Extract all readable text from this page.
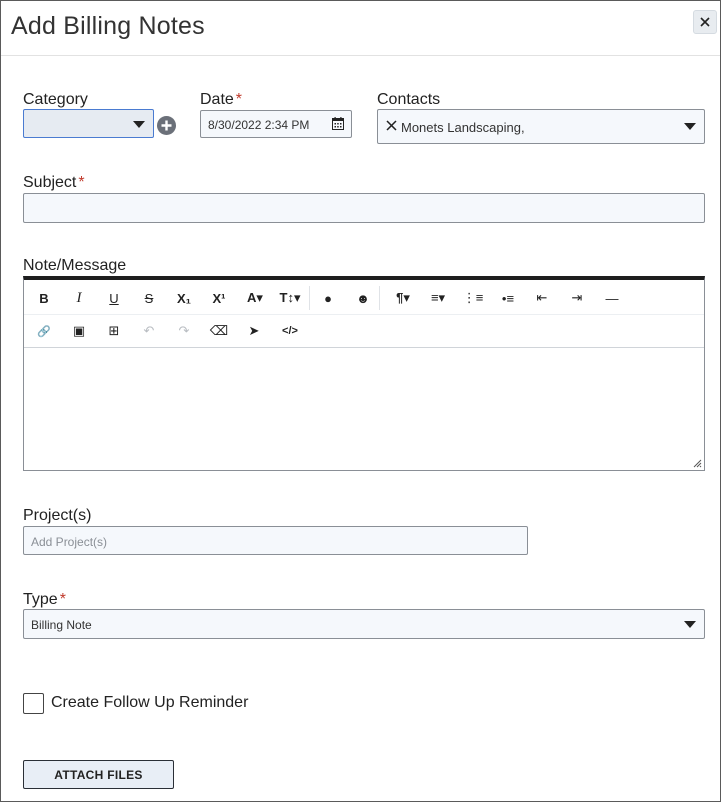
Add Billing Notes
Category	Date *
8/30/2022 2:34 PM
Contacts
Monets Landscaping,
Subject *
Note/Message
B I U S X₁ X¹ A▾ T↕▾ ● ☻ ¶▾ ≡▾ ⋮≡ •≡ ⇤ ⇥ —
🔗 ▣ ⊞ ↶ ↷ ⌫ ➤ </>
Project(s)
Add Project(s)
Type *
Billing Note
Create Follow Up Reminder
ATTACH FILES
